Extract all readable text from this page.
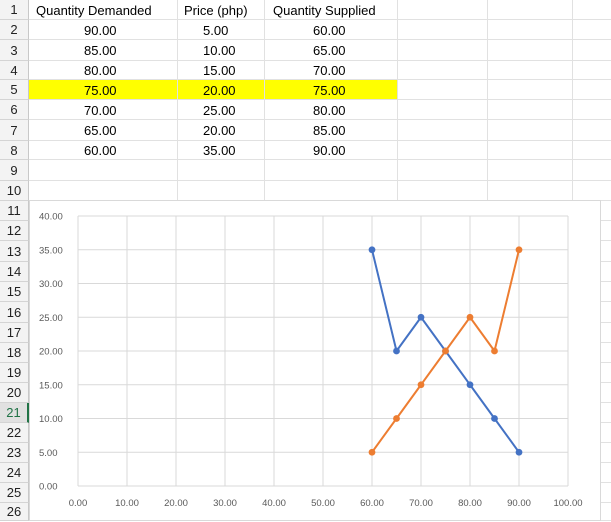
1
2
3
4
5
6
7
8
9
10
11
12
13
14
15
16
17
18
19
20
21
22
23
24
25
26
Quantity Demanded	Price (php)	Quantity Supplied
90.00	5.00	60.00
85.00	10.00	65.00
80.00	15.00	70.00
75.00	20.00	75.00
70.00	25.00	80.00
65.00	20.00	85.00
60.00	35.00	90.00
0.00
5.00
10.00
15.00
20.00
25.00
30.00
35.00
40.00
0.00	10.00	20.00	30.00	40.00	50.00	60.00	70.00	80.00	90.00 100.00
